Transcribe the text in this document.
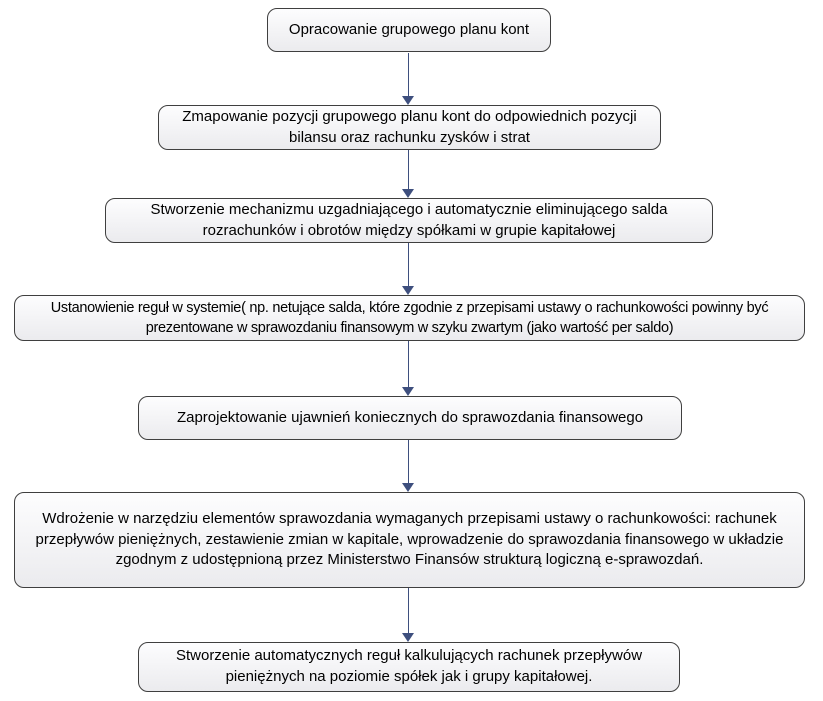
Opracowanie grupowego planu kont
Zmapowanie pozycji grupowego planu kont do odpowiednich pozycji bilansu oraz rachunku zysków i strat
Stworzenie mechanizmu uzgadniającego i automatycznie eliminującego salda rozrachunków i obrotów między spółkami w grupie kapitałowej
Ustanowienie reguł w systemie( np. netujące salda, które zgodnie z przepisami ustawy o rachunkowości powinny być prezentowane w sprawozdaniu finansowym w szyku zwartym (jako wartość per saldo)
Zaprojektowanie ujawnień koniecznych do sprawozdania finansowego
Wdrożenie w narzędziu elementów sprawozdania wymaganych przepisami ustawy o rachunkowości: rachunek przepływów pieniężnych, zestawienie zmian w kapitale, wprowadzenie do sprawozdania finansowego w układzie zgodnym z udostępnioną przez Ministerstwo Finansów strukturą logiczną e-sprawozdań.
Stworzenie automatycznych reguł kalkulujących rachunek przepływów pieniężnych na poziomie spółek jak i grupy kapitałowej.
